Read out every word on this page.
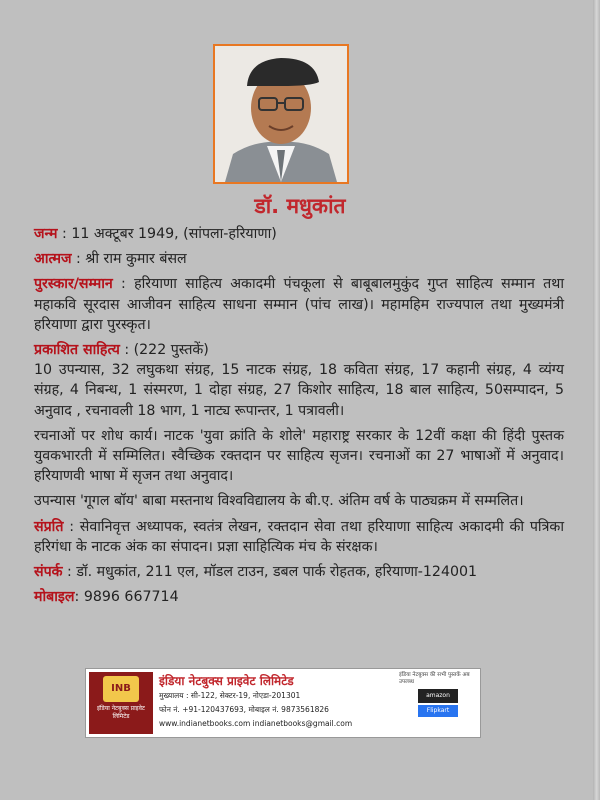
डॉ. मधुकांत

जन्म : 11 अक्टूबर 1949, (सांपला-हरियाणा)

आत्मज : श्री राम कुमार बंसल

पुरस्कार/सम्मान : हरियाणा साहित्य अकादमी पंचकूला से बाबूबालमुकुंद गुप्त साहित्य सम्मान तथा महाकवि सूरदास आजीवन साहित्य साधना सम्मान (पांच लाख)। महामहिम राज्यपाल तथा मुख्यमंत्री हरियाणा द्वारा पुरस्कृत।

प्रकाशित साहित्य : (222 पुस्तकें)

10 उपन्यास, 32 लघुकथा संग्रह, 15 नाटक संग्रह, 18 कविता संग्रह, 17 कहानी संग्रह, 4 व्यंग्य संग्रह, 4 निबन्ध, 1 संस्मरण, 1 दोहा संग्रह, 27 किशोर साहित्य, 18 बाल साहित्य, 50सम्पादन, 5 अनुवाद , रचनावली 18 भाग, 1 नाट्य रूपान्तर, 1 पत्रावली।

रचनाओं पर शोध कार्य। नाटक 'युवा क्रांति के शोले' महाराष्ट्र सरकार के 12वीं कक्षा की हिंदी पुस्तक युवकभारती में सम्मिलित। स्वैच्छिक रक्तदान पर साहित्य सृजन। रचनाओं का 27 भाषाओं में अनुवाद। हरियाणवी भाषा में सृजन तथा अनुवाद।

उपन्यास 'गूगल बॉय' बाबा मस्तनाथ विश्वविद्यालय के बी.ए. अंतिम वर्ष के पाठ्यक्रम में सम्मलित।

संप्रति : सेवानिवृत्त अध्यापक, स्वतंत्र लेखन, रक्तदान सेवा तथा हरियाणा साहित्य अकादमी की पत्रिका हरिगंधा के नाटक अंक का संपादन। प्रज्ञा साहित्यिक मंच के संरक्षक।

संपर्क : डॉ. मधुकांत, 211 एल, मॉडल टाउन, डबल पार्क रोहतक, हरियाणा-124001

मोबाइल: 9896 667714

INB
इंडिया नेटबुक्स प्राइवेट लिमिटेड
इंडिया नेटबुक्स प्राइवेट लिमिटेड
मुख्यालय : सी-122, सेक्टर-19, नोएडा-201301
फोन नं. +91-120437693, मोबाइल नं. 9873561826
www.indianetbooks.com indianetbooks@gmail.com
इंडिया नेटबुक्स की सभी पुस्तकें अब उपलब्ध
amazon
Flipkart
